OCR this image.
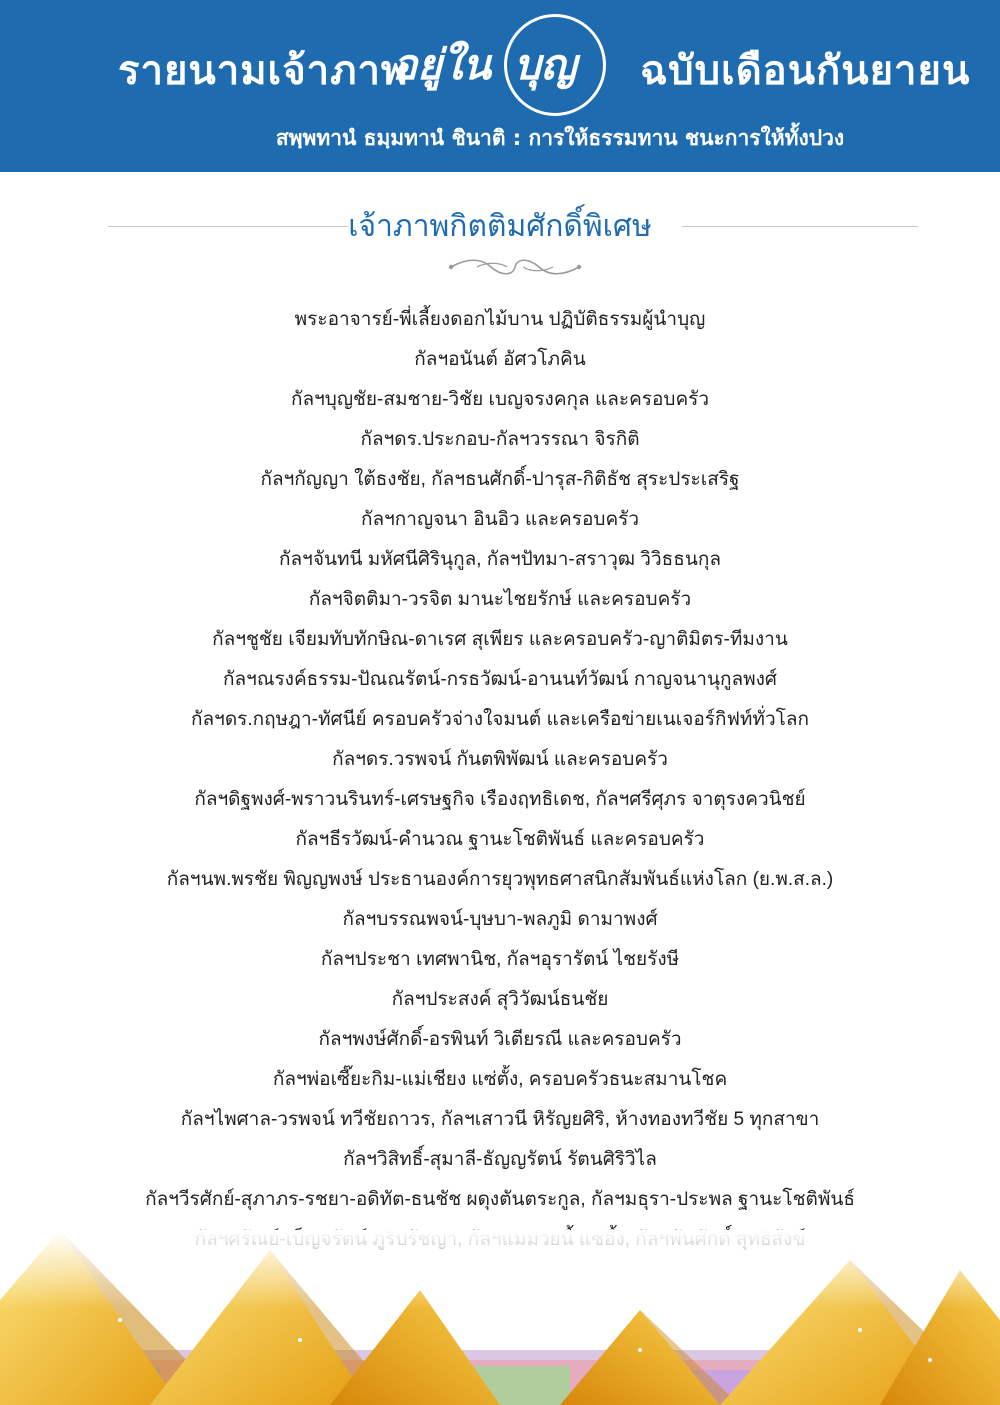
รายนามเจ้าภาพ
อยู่ใน บุญ ฉบับเดือนกันยายน
สพฺพทานํ ธมฺมทานํ ชินาติ : การให้ธรรมทาน ชนะการให้ทั้งปวง
เจ้าภาพกิตติมศักดิ์พิเศษ
พระอาจารย์-พี่เลี้ยงดอกไม้บาน ปฏิบัติธรรมผู้นำบุญ
กัลฯอนันต์ อัศวโภคิน
กัลฯบุญชัย-สมชาย-วิชัย เบญจรงคกุล และครอบครัว
กัลฯดร.ประกอบ-กัลฯวรรณา จิรกิติ
กัลฯกัญญา ใต้ธงชัย, กัลฯธนศักดิ์-ปารุส-กิติธัช สุระประเสริฐ
กัลฯกาญจนา อินอิว และครอบครัว
กัลฯจันทนี มหัศนีศิรินุกูล, กัลฯปัทมา-สราวุฒ วิวิธธนกุล
กัลฯจิตติมา-วรจิต มานะไชยรักษ์ และครอบครัว
กัลฯชูชัย เจียมทับทักษิณ-ดาเรศ สุเพียร และครอบครัว-ญาติมิตร-ทีมงาน
กัลฯณรงค์ธรรม-ปัณณรัตน์-กรธวัฒน์-อานนท์วัฒน์ กาญจนานุกูลพงศ์
กัลฯดร.กฤษฎา-ทัศนีย์ ครอบครัวจ่างใจมนต์ และเครือข่ายเนเจอร์กิฟท์ทั่วโลก
กัลฯดร.วรพจน์ กันตพิพัฒน์ และครอบครัว
กัลฯดิฐพงศ์-พราวนรินทร์-เศรษฐกิจ เรืองฤทธิเดช, กัลฯศรีศุภร จาตุรงควนิชย์
กัลฯธีรวัฒน์-คำนวณ ฐานะโชติพันธ์ และครอบครัว
กัลฯนพ.พรชัย พิญญพงษ์ ประธานองค์การยุวพุทธศาสนิกสัมพันธ์แห่งโลก (ย.พ.ส.ล.)
กัลฯบรรณพจน์-บุษบา-พลภูมิ ดามาพงศ์
กัลฯประชา เทศพานิช, กัลฯอุรารัตน์ ไชยรังษี
กัลฯประสงค์ สุวิวัฒน์ธนชัย
กัลฯพงษ์ศักดิ์-อรพินท์ วิเตียรณี และครอบครัว
กัลฯพ่อเซี๊ยะกิม-แม่เชียง แซ่ตั้ง, ครอบครัวธนะสมานโชค
กัลฯไพศาล-วรพจน์ ทวีชัยถาวร, กัลฯเสาวนี หิรัญยศิริ, ห้างทองทวีชัย 5 ทุกสาขา
กัลฯวิสิทธิ์-สุมาลี-ธัญญรัตน์ รัตนศิริวิไล
กัลฯวีรศักย์-สุภาภร-รชยา-อดิทัต-ธนชัช ผดุงตันตระกูล, กัลฯมธุรา-ประพล ฐานะโชติพันธ์
